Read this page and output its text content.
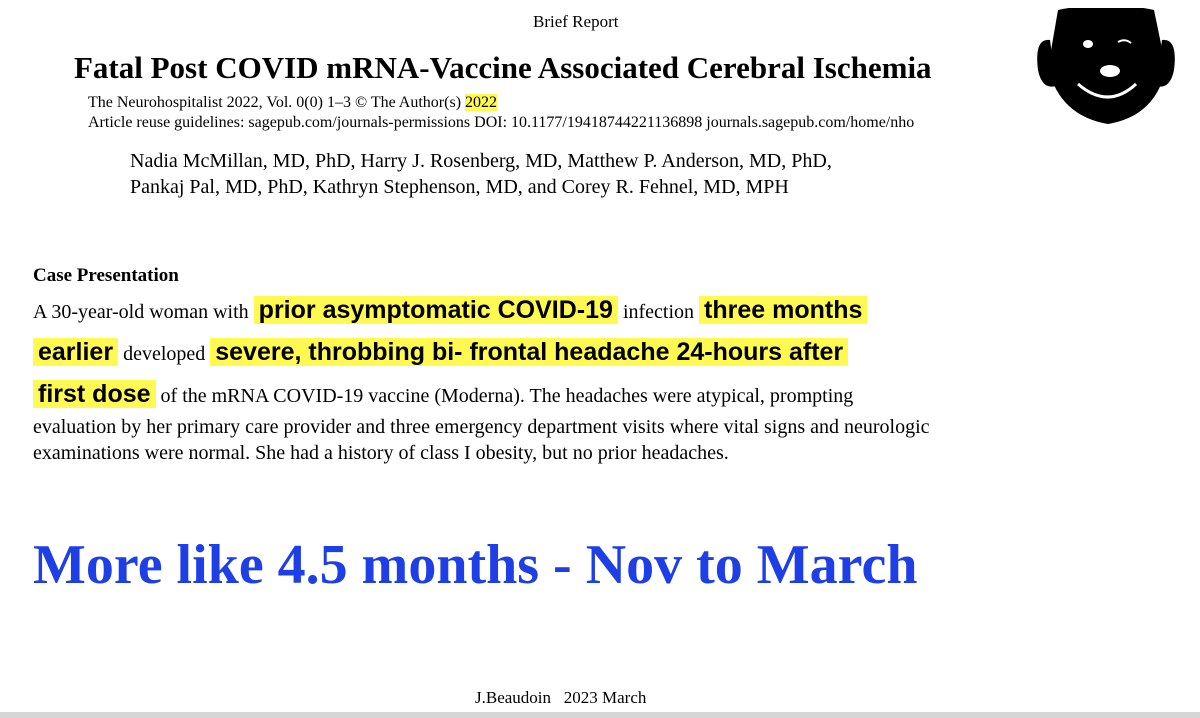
Brief Report
Fatal Post COVID mRNA-Vaccine Associated Cerebral Ischemia
The Neurohospitalist 2022, Vol. 0(0) 1–3 © The Author(s) 2022
Article reuse guidelines: sagepub.com/journals-permissions DOI: 10.1177/19418744221136898 journals.sagepub.com/home/nho
Nadia McMillan, MD, PhD, Harry J. Rosenberg, MD, Matthew P. Anderson, MD, PhD,
Pankaj Pal, MD, PhD, Kathryn Stephenson, MD, and Corey R. Fehnel, MD, MPH
Case Presentation
A 30-year-old woman with prior asymptomatic COVID-19 infection three months
earlier developed severe, throbbing bi- frontal headache 24-hours after
first dose of the mRNA COVID-19 vaccine (Moderna). The headaches were atypical, prompting
evaluation by her primary care provider and three emergency department visits where vital signs and neurologic
examinations were normal. She had a history of class I obesity, but no prior headaches.
More like 4.5 months - Nov to March
J.Beaudoin   2023 March
